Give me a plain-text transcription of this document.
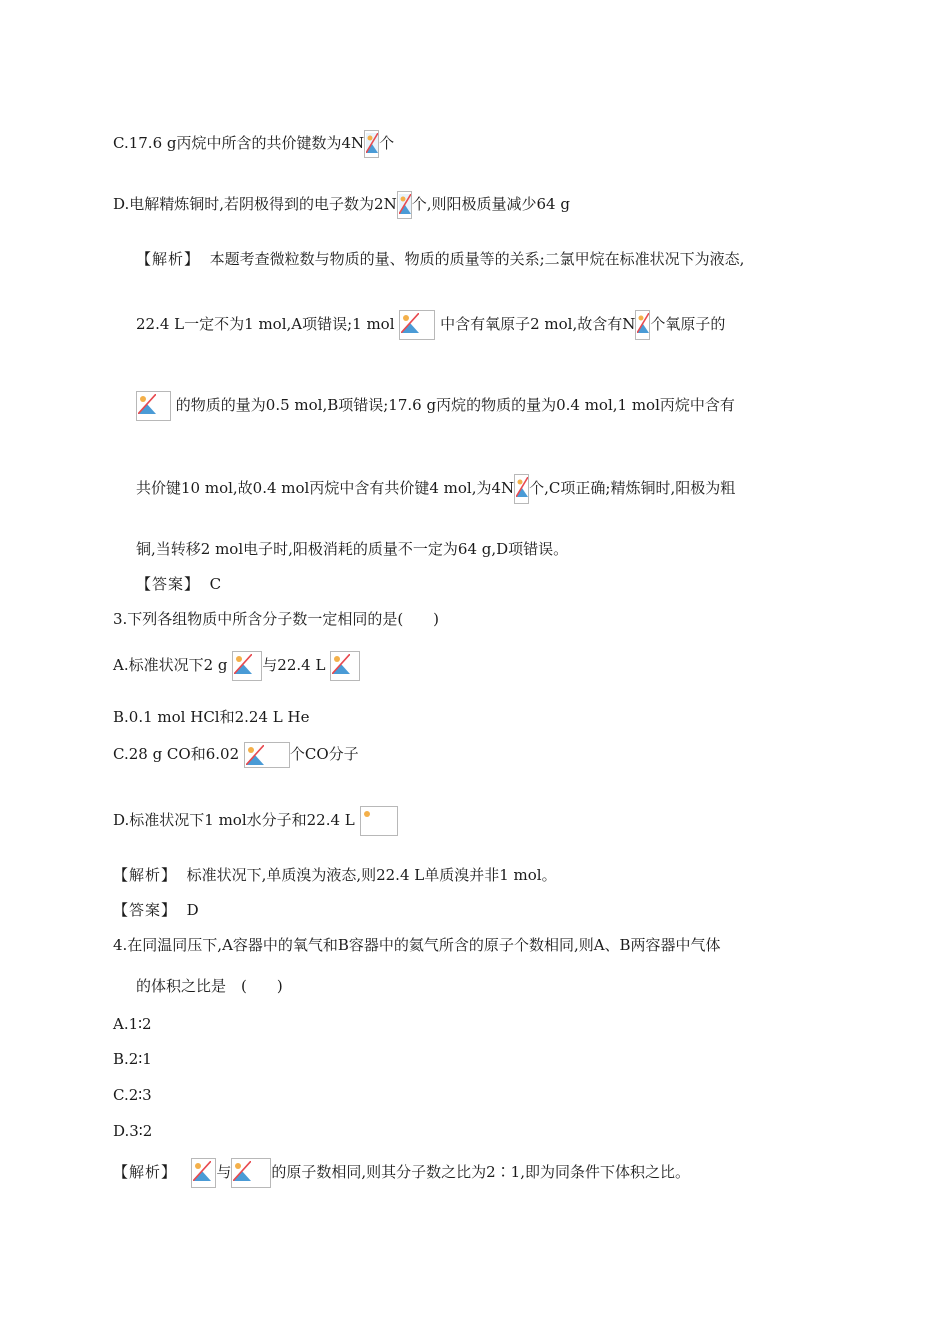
C.17.6 g丙烷中所含的共价键数为4N 个
D.电解精炼铜时,若阴极得到的电子数为2N 个,则阳极质量减少64 g
【解析】 本题考查微粒数与物质的量、物质的质量等的关系;二氯甲烷在标准状况下为液态,
22.4 L一定不为1 mol,A项错误;1 mol	中含有氧原子2 mol,故含有N 个氧原子的
的物质的量为0.5 mol,B项错误;17.6 g丙烷的物质的量为0.4 mol,1 mol丙烷中含有
共价键10 mol,故0.4 mol丙烷中含有共价键4 mol,为4N 个,C项正确;精炼铜时,阳极为粗
铜,当转移2 mol电子时,阳极消耗的质量不一定为64 g,D项错误。
【答案】 C
3.下列各组物质中所含分子数一定相同的是(　　)
A.标准状况下2 g 与22.4 L
B.0.1 mol HCl和2.24 L He
C.28 g CO和6.02	个CO分子
D.标准状况下1 mol水分子和22.4 L
【解析】 标准状况下,单质溴为液态,则22.4 L单质溴并非1 mol。
【答案】 D
4.在同温同压下,A容器中的氧气和B容器中的氦气所含的原子个数相同,则A、B两容器中气体
的体积之比是　(　　)
A.1∶2
B.2∶1
C.2∶3
D.3∶2
【解析】	与	的原子数相同,则其分子数之比为2∶1,即为同条件下体积之比。
